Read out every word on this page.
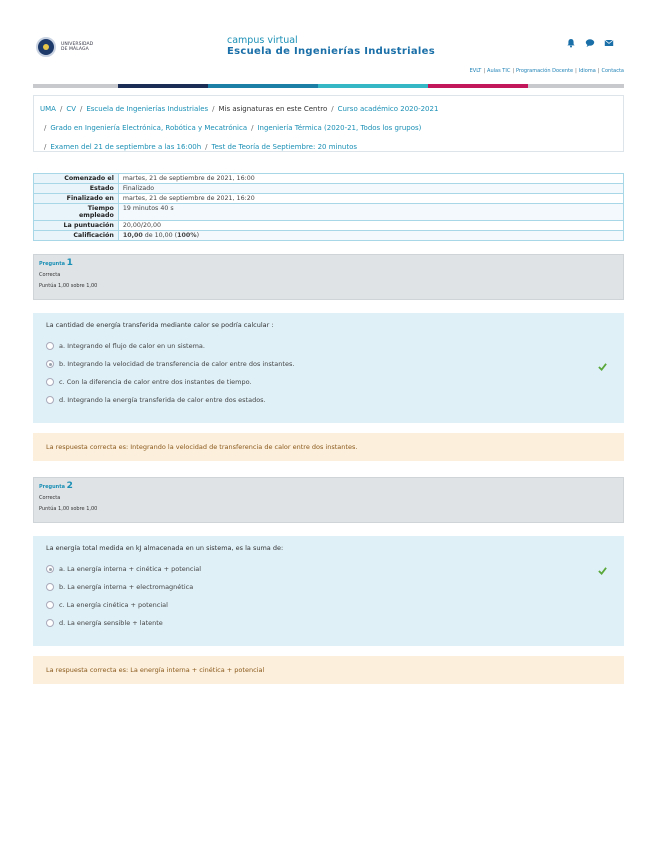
UNIVERSIDAD
DE MÁLAGA
campus virtual
Escuela de Ingenierías Industriales
EVLT | Aulas TIC | Programación Docente | Idioma | Contacta
UMA / CV / Escuela de Ingenierías Industriales / Mis asignaturas en este Centro / Curso académico 2020-2021
/ Grado en Ingeniería Electrónica, Robótica y Mecatrónica / Ingeniería Térmica (2020-21, Todos los grupos)
/ Examen del 21 de septiembre a las 16:00h / Test de Teoría de Septiembre: 20 minutos
Comenzado el	martes, 21 de septiembre de 2021, 16:00
Estado	Finalizado
Finalizado en	martes, 21 de septiembre de 2021, 16:20
Tiempo empleado	19 minutos 40 s
La puntuación	20,00/20,00
Calificación	10,00 de 10,00 (100%)
Pregunta 1
Correcta
Puntúa 1,00 sobre 1,00
La cantidad de energía transferida mediante calor se podría calcular :
a. Integrando el flujo de calor en un sistema.
b. Integrando la velocidad de transferencia de calor entre dos instantes.
c. Con la diferencia de calor entre dos instantes de tiempo.
d. Integrando la energía transferida de calor entre dos estados.
La respuesta correcta es: Integrando la velocidad de transferencia de calor entre dos instantes.
Pregunta 2
Correcta
Puntúa 1,00 sobre 1,00
La energía total medida en kJ almacenada en un sistema, es la suma de:
a. La energía interna + cinética + potencial
b. La energía interna + electromagnética
c. La energía cinética + potencial
d. La energía sensible + latente
La respuesta correcta es: La energía interna + cinética + potencial
